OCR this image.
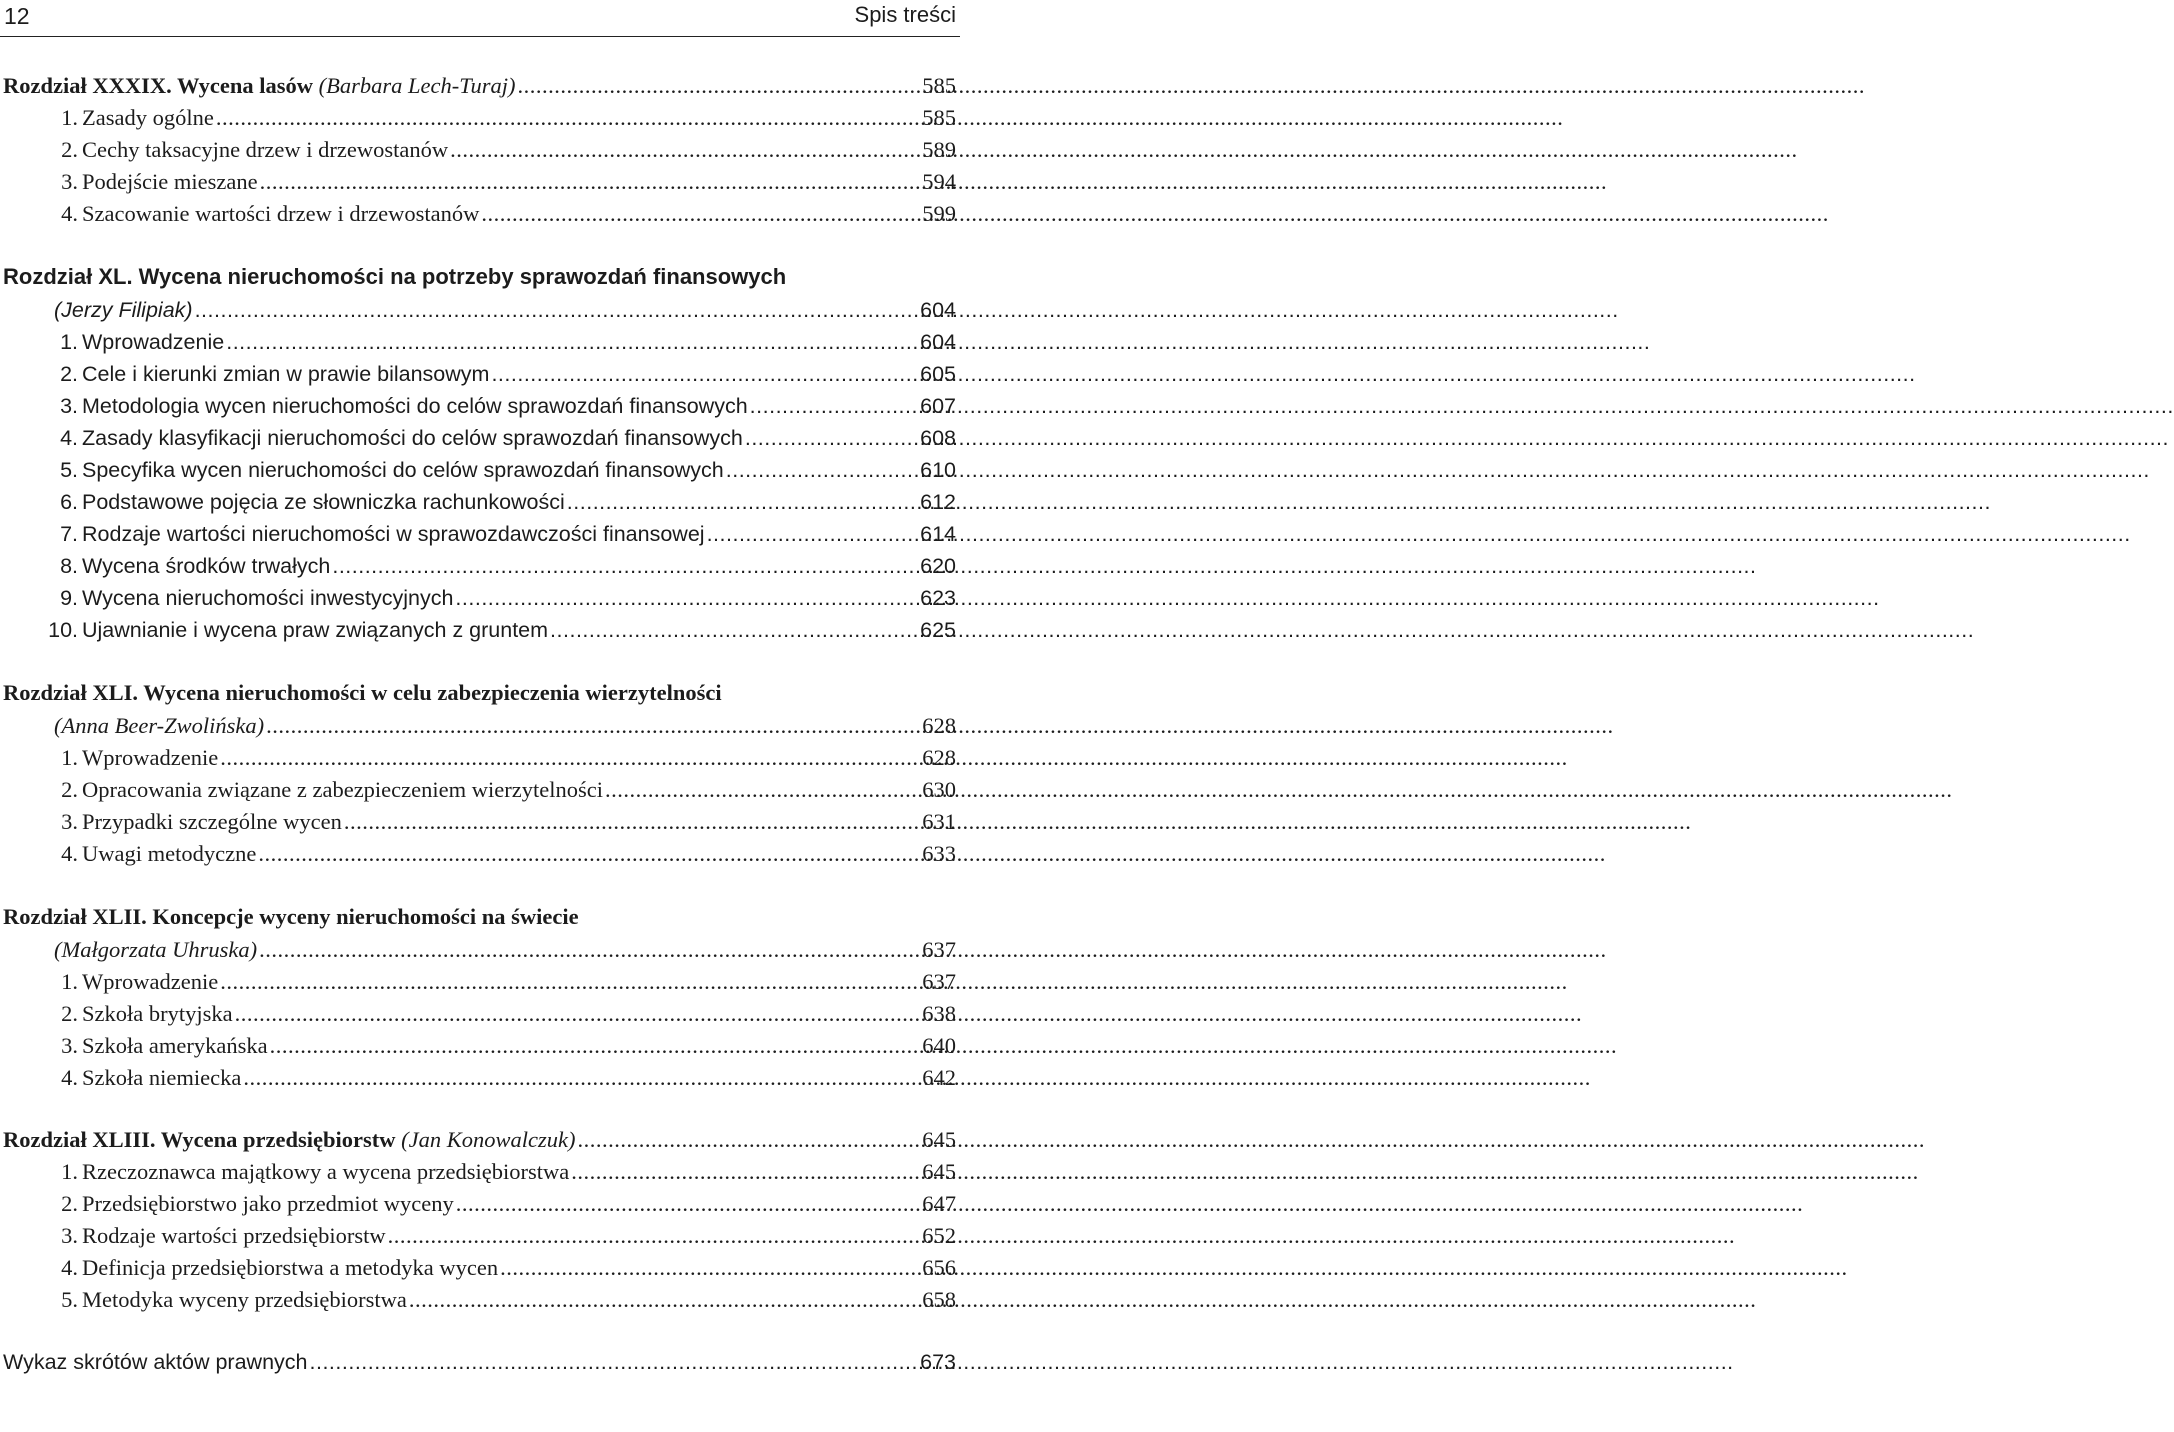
12	Spis treści
Rozdział XXXIX. Wycena lasów (Barbara Lech-Turaj) .....	585
1. Zasady ogólne .....	585
2. Cechy taksacyjne drzew i drzewostanów .....	589
3. Podejście mieszane .....	594
4. Szacowanie wartości drzew i drzewostanów .....	599
Rozdział XL. Wycena nieruchomości na potrzeby sprawozdań finansowych
(Jerzy Filipiak) .....	604
1. Wprowadzenie .....	604
2. Cele i kierunki zmian w prawie bilansowym .....	605
3. Metodologia wycen nieruchomości do celów sprawozdań finansowych .....	607
4. Zasady klasyfikacji nieruchomości do celów sprawozdań finansowych .....	608
5. Specyfika wycen nieruchomości do celów sprawozdań finansowych .....	610
6. Podstawowe pojęcia ze słowniczka rachunkowości .....	612
7. Rodzaje wartości nieruchomości w sprawozdawczości finansowej .....	614
8. Wycena środków trwałych .....	620
9. Wycena nieruchomości inwestycyjnych .....	623
10. Ujawnianie i wycena praw związanych z gruntem .....	625
Rozdział XLI. Wycena nieruchomości w celu zabezpieczenia wierzytelności
(Anna Beer-Zwolińska) .....	628
1. Wprowadzenie .....	628
2. Opracowania związane z zabezpieczeniem wierzytelności .....	630
3. Przypadki szczególne wycen .....	631
4. Uwagi metodyczne .....	633
Rozdział XLII. Koncepcje wyceny nieruchomości na świecie
(Małgorzata Uhruska) .....	637
1. Wprowadzenie .....	637
2. Szkoła brytyjska .....	638
3. Szkoła amerykańska .....	640
4. Szkoła niemiecka .....	642
Rozdział XLIII. Wycena przedsiębiorstw (Jan Konowalczuk) .....	645
1. Rzeczoznawca majątkowy a wycena przedsiębiorstwa .....	645
2. Przedsiębiorstwo jako przedmiot wyceny .....	647
3. Rodzaje wartości przedsiębiorstw .....	652
4. Definicja przedsiębiorstwa a metodyka wycen .....	656
5. Metodyka wyceny przedsiębiorstwa .....	658
Wykaz skrótów aktów prawnych .....	673
